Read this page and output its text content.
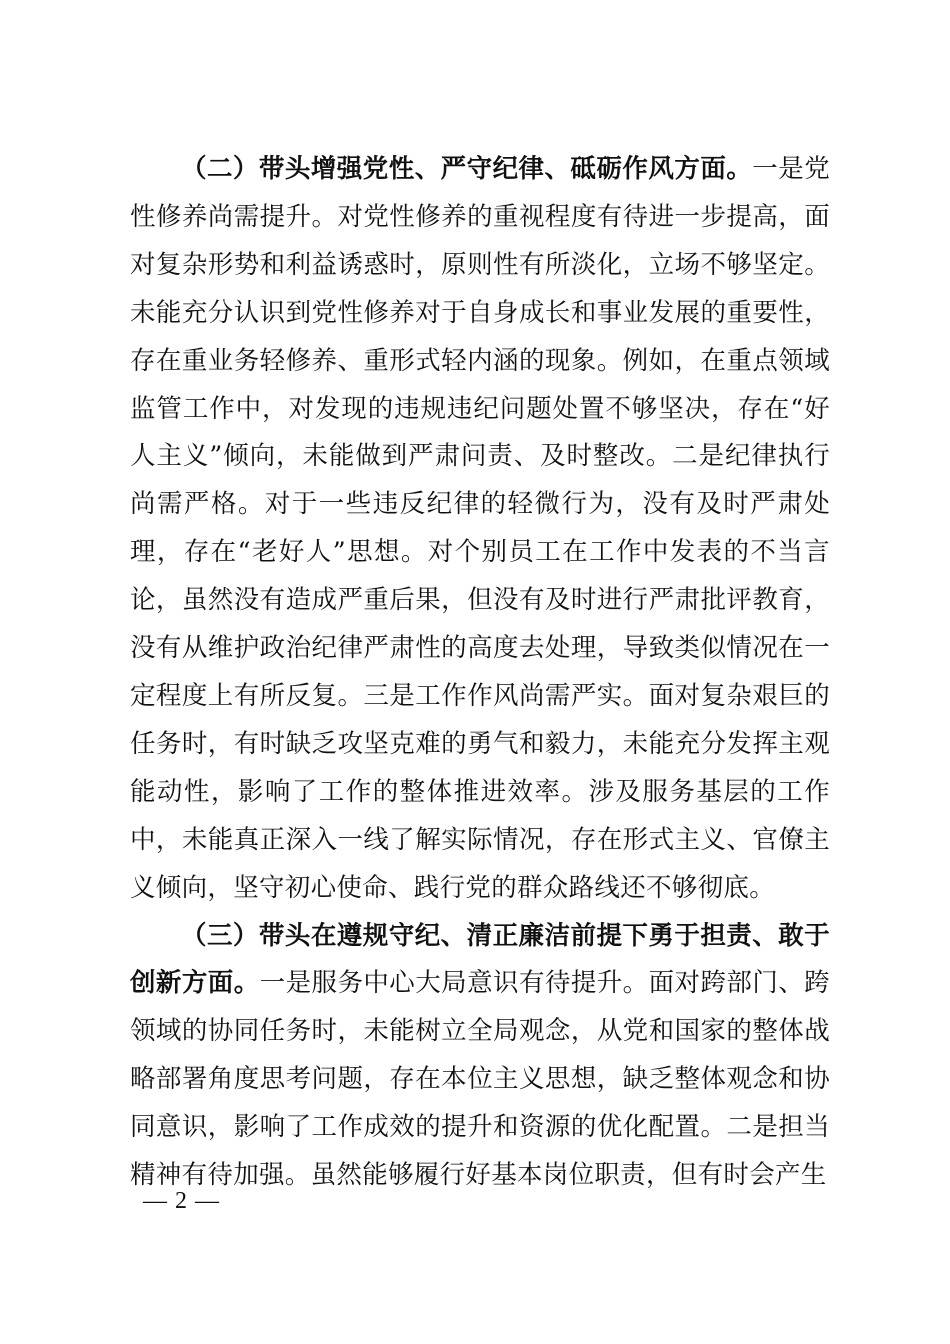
（二）带头增强党性、严守纪律、砥砺作风方面。一是党性修养尚需提升。对党性修养的重视程度有待进一步提高，面对复杂形势和利益诱惑时，原则性有所淡化，立场不够坚定。未能充分认识到党性修养对于自身成长和事业发展的重要性，存在重业务轻修养、重形式轻内涵的现象。例如，在重点领域监管工作中，对发现的违规违纪问题处置不够坚决，存在“好人主义”倾向，未能做到严肃问责、及时整改。二是纪律执行尚需严格。对于一些违反纪律的轻微行为，没有及时严肃处理，存在“老好人”思想。对个别员工在工作中发表的不当言论，虽然没有造成严重后果，但没有及时进行严肃批评教育，没有从维护政治纪律严肃性的高度去处理，导致类似情况在一定程度上有所反复。三是工作作风尚需严实。面对复杂艰巨的任务时，有时缺乏攻坚克难的勇气和毅力，未能充分发挥主观能动性，影响了工作的整体推进效率。涉及服务基层的工作中，未能真正深入一线了解实际情况，存在形式主义、官僚主义倾向，坚守初心使命、践行党的群众路线还不够彻底。

（三）带头在遵规守纪、清正廉洁前提下勇于担责、敢于创新方面。一是服务中心大局意识有待提升。面对跨部门、跨领域的协同任务时，未能树立全局观念，从党和国家的整体战略部署角度思考问题，存在本位主义思想，缺乏整体观念和协同意识，影响了工作成效的提升和资源的优化配置。二是担当精神有待加强。虽然能够履行好基本岗位职责，但有时会产生

— 2 —
